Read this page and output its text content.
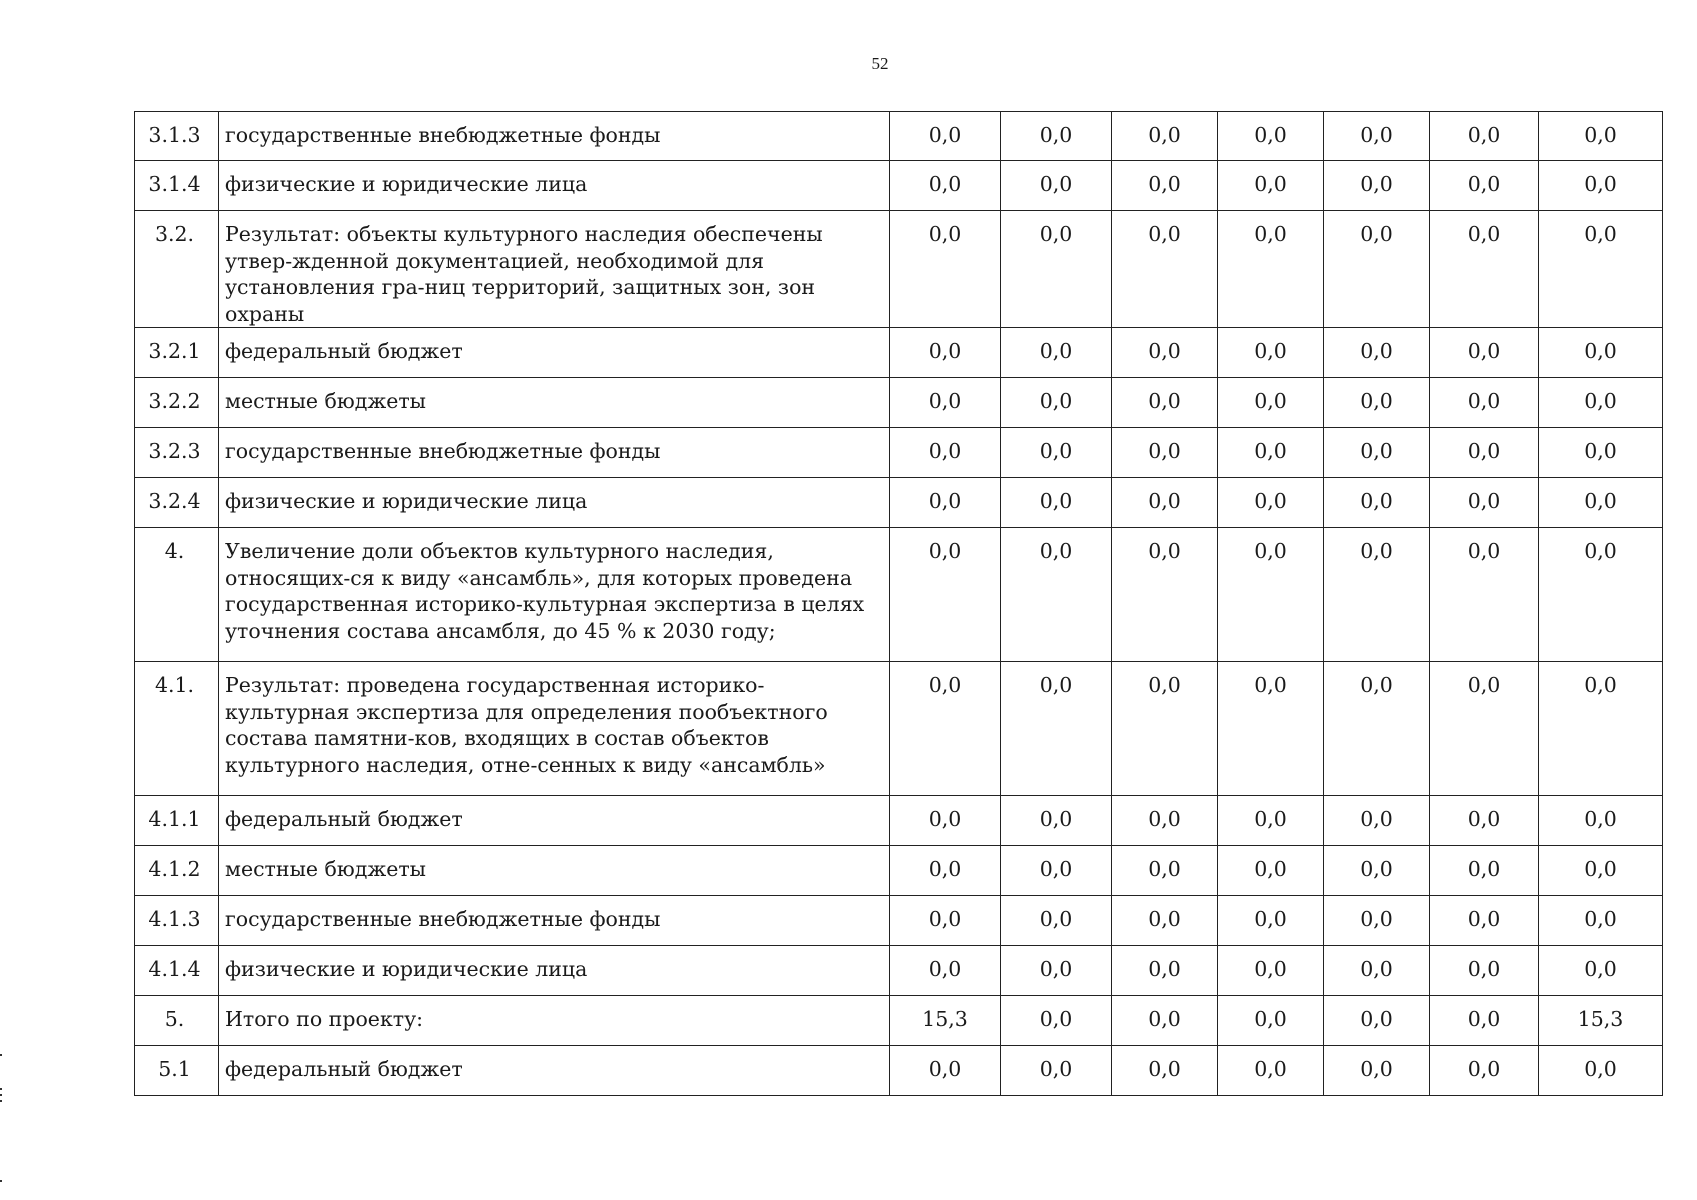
52
3.1.3	государственные внебюджетные фонды	0,0	0,0	0,0	0,0	0,0	0,0	0,0
3.1.4	физические и юридические лица	0,0	0,0	0,0	0,0	0,0	0,0	0,0
3.2.	Результат: объекты культурного наследия обеспечены утвер-жденной документацией, необходимой для установления гра-ниц территорий, защитных зон, зон охраны	0,0	0,0	0,0	0,0	0,0	0,0	0,0
3.2.1	федеральный бюджет	0,0	0,0	0,0	0,0	0,0	0,0	0,0
3.2.2	местные бюджеты	0,0	0,0	0,0	0,0	0,0	0,0	0,0
3.2.3	государственные внебюджетные фонды	0,0	0,0	0,0	0,0	0,0	0,0	0,0
3.2.4	физические и юридические лица	0,0	0,0	0,0	0,0	0,0	0,0	0,0
4.	Увеличение доли объектов культурного наследия, относящих-ся к виду «ансамбль», для которых проведена государственная историко-культурная экспертиза в целях уточнения состава ансамбля, до 45 % к 2030 году;	0,0	0,0	0,0	0,0	0,0	0,0	0,0
4.1.	Результат: проведена государственная историко-культурная экспертиза для определения пообъектного состава памятни-ков, входящих в состав объектов культурного наследия, отне-сенных к виду «ансамбль»	0,0	0,0	0,0	0,0	0,0	0,0	0,0
4.1.1	федеральный бюджет	0,0	0,0	0,0	0,0	0,0	0,0	0,0
4.1.2	местные бюджеты	0,0	0,0	0,0	0,0	0,0	0,0	0,0
4.1.3	государственные внебюджетные фонды	0,0	0,0	0,0	0,0	0,0	0,0	0,0
4.1.4	физические и юридические лица	0,0	0,0	0,0	0,0	0,0	0,0	0,0
5.	Итого по проекту:	15,3	0,0	0,0	0,0	0,0	0,0	15,3
5.1	федеральный бюджет	0,0	0,0	0,0	0,0	0,0	0,0	0,0
